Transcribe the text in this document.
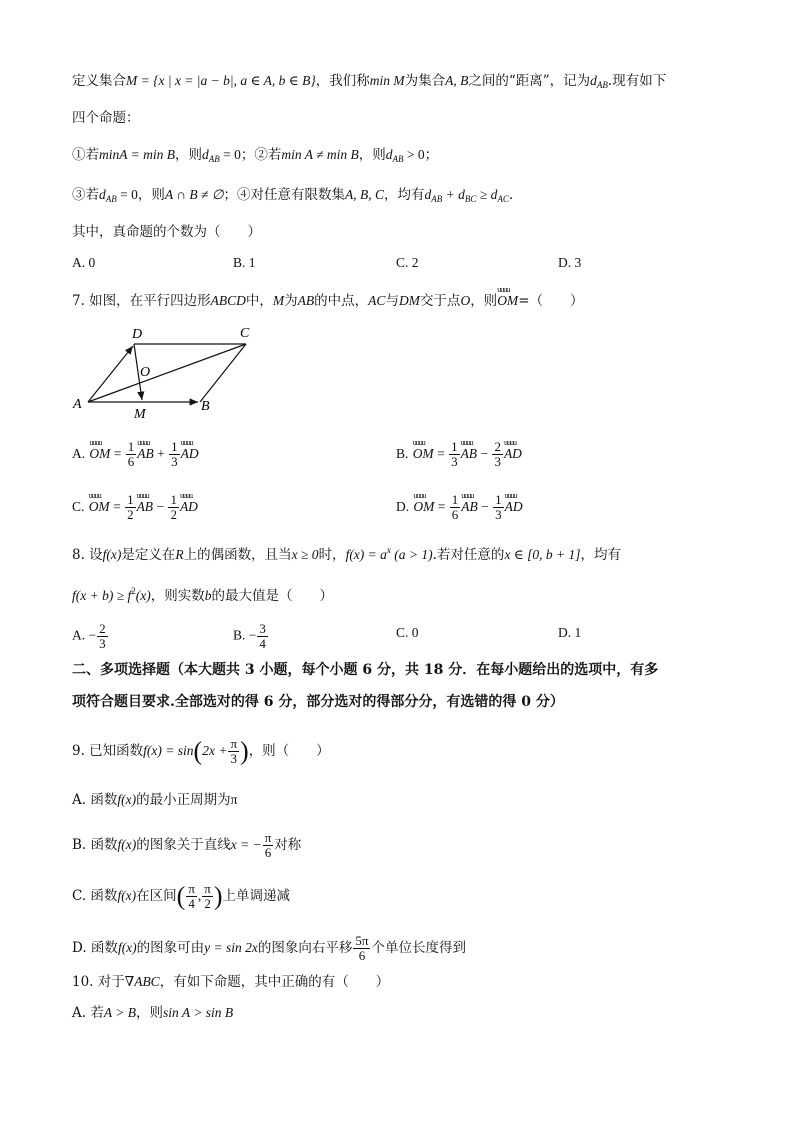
定义集合M = {x | x = |a − b|, a ∈ A, b ∈ B}，我们称min M为集合A, B之间的“距离”，记为$d_{AB}$.现有如下
四个命题：
①若minA = min B，则$d_{AB} = 0$；②若min A ≠ min B，则$d_{AB} > 0$；
③若$d_{AB} = 0$，则A ∩ B ≠ ∅；④对任意有限数集A, B, C，均有$d_{AB} + d_{BC} \ge d_{AC}$.
其中，真命题的个数为（　　）
A. 0	B. 1	C. 2	D. 3
7. 如图，在平行四边形ABCD中，M为AB的中点，AC与DM交于点O，则uuuu OM=（　　）
A	B
C
D
O
M
A. uuuu OM = $\frac{1}{6}$ uuuu AB + $\frac{1}{3}$ uuuu AD	B. uuuu OM = $\frac{1}{3}$ uuuu AB − $\frac{2}{3}$ uuuu AD
C. uuuu OM = $\frac{1}{2}$ uuuu AB − $\frac{1}{2}$ uuuu AD	D. uuuu OM = $\frac{1}{6}$ uuuu AB − $\frac{1}{3}$ uuuu AD
8. 设f(x)是定义在R上的偶函数，且当x ≥ 0时，$f(x) = a^x$ (a > 1).若对任意的x ∈ [0, b + 1]，均有
$f(x + b) \ge f^2(x)$，则实数b的最大值是（　　）
A. − $\frac{2}{3}$	B. − $\frac{3}{4}$	C. 0	D. 1
二、多项选择题（本大题共 3 小题，每个小题 6 分，共 18 分．在每小题给出的选项中，有多
项符合题目要求.全部选对的得 6 分，部分选对的得部分分，有选错的得 0 分）
9. 已知函数$f(x) = \sin(2x + \frac{\pi}{3}$ )，则（　　）
A. 函数f(x)的最小正周期为π
B. 函数f(x)的图象关于直线x = − $\frac{\pi}{6}$ 对称
C. 函数f(x)在区间( $\frac{\pi}{4}$ , $\frac{\pi}{2}$ )上单调递减
D. 函数f(x)的图象可由y = sin 2x的图象向右平移 $\frac{5\pi}{6}$ 个单位长度得到
10. 对于∇ABC，有如下命题，其中正确的有（　　）
A. 若A > B，则sin A > sin B
